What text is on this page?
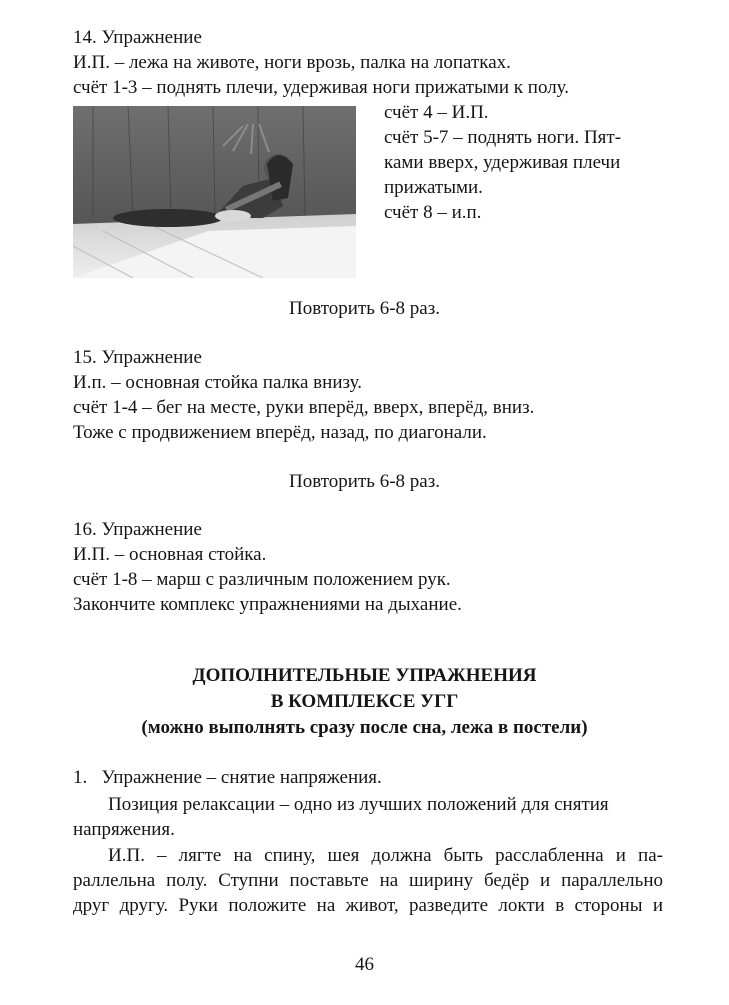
14. Упражнение
И.П. – лежа на животе, ноги врозь, палка на лопатках.
счёт 1-3 – поднять плечи, удерживая ноги прижатыми к полу.
счёт 4 – И.П.
счёт 5-7 – поднять ноги. Пят-
ками вверх, удерживая плечи
прижатыми.
счёт 8 – и.п.
Повторить 6-8 раз.
15. Упражнение
И.п. – основная стойка палка внизу.
счёт 1-4 – бег на месте, руки вперёд, вверх, вперёд, вниз.
Тоже с продвижением вперёд, назад, по диагонали.
Повторить 6-8 раз.
16. Упражнение
И.П. – основная стойка.
счёт 1-8 – марш с различным положением рук.
Закончите комплекс упражнениями на дыхание.
ДОПОЛНИТЕЛЬНЫЕ УПРАЖНЕНИЯ
В КОМПЛЕКСЕ УГГ
(можно выполнять сразу после сна, лежа в постели)
1.   Упражнение – снятие напряжения.
Позиция релаксации – одно из лучших положений для снятия
напряжения.
И.П. – лягте на спину, шея должна быть расслабленна и па-
раллельна полу. Ступни поставьте на ширину бедёр и параллельно
друг другу. Руки положите на живот, разведите локти в стороны и
46
